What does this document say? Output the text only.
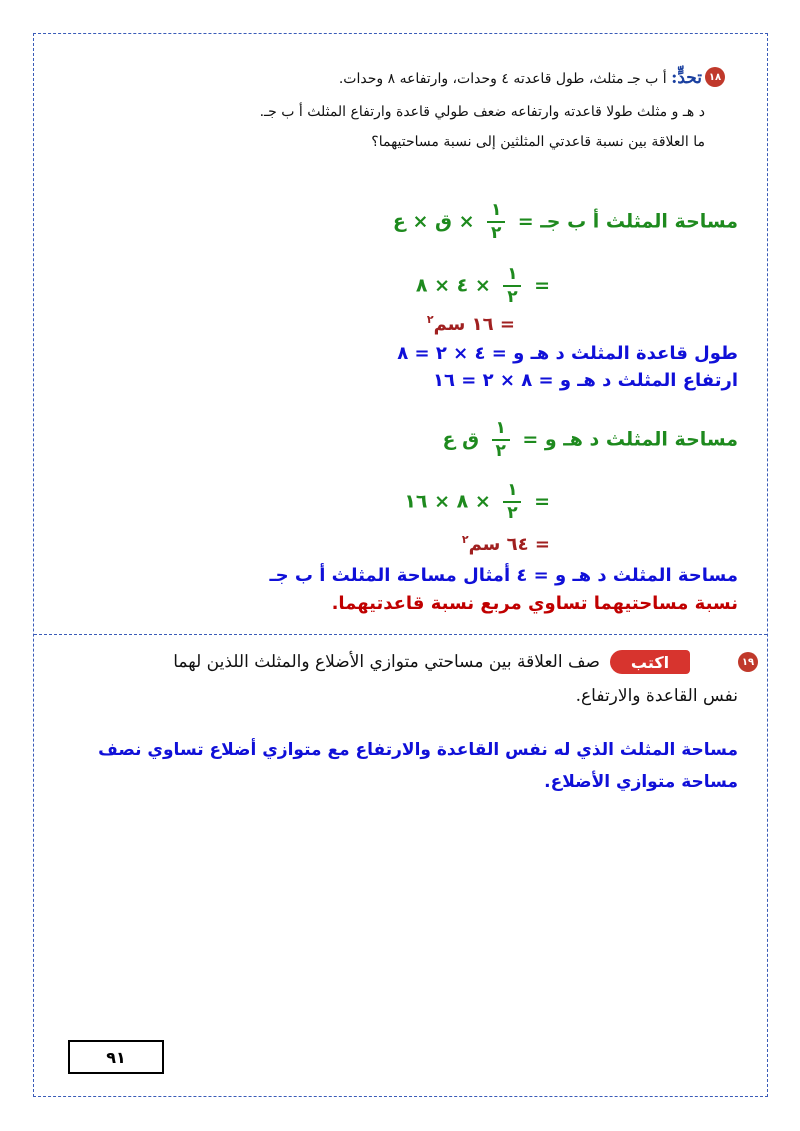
١٨
تحدٍّ: أ ب جـ مثلث، طول قاعدته ٤ وحدات، وارتفاعه ٨ وحدات.
د هـ و مثلث طولا قاعدته وارتفاعه ضعف طولي قاعدة وارتفاع المثلث أ ب جـ.
ما العلاقة بين نسبة قاعدتي المثلثين إلى نسبة مساحتيهما؟
مساحة المثلث أ ب جـ =
$\frac{١}{٢}$
× ق × ع
=
$\frac{١}{٢}$
× ٤ × ٨
= ١٦ سم$^٢$
طول قاعدة المثلث د هـ و = ٤ × ٢ = ٨
ارتفاع المثلث د هـ و = ٨ × ٢ = ١٦
مساحة المثلث د هـ و =
$\frac{١}{٢}$
ق ع
=
$\frac{١}{٢}$
× ٨ × ١٦
= ٦٤ سم$^٢$
مساحة المثلث د هـ و = ٤ أمثال مساحة المثلث أ ب جـ
نسبة مساحتيهما تساوي مربع نسبة قاعدتيهما.
١٩
اكتب
صف العلاقة بين مساحتي متوازي الأضلاع والمثلث اللذين لهما
نفس القاعدة والارتفاع.
مساحة المثلث الذي له نفس القاعدة والارتفاع مع متوازي أضلاع تساوي نصف
مساحة متوازي الأضلاع.
٩١
